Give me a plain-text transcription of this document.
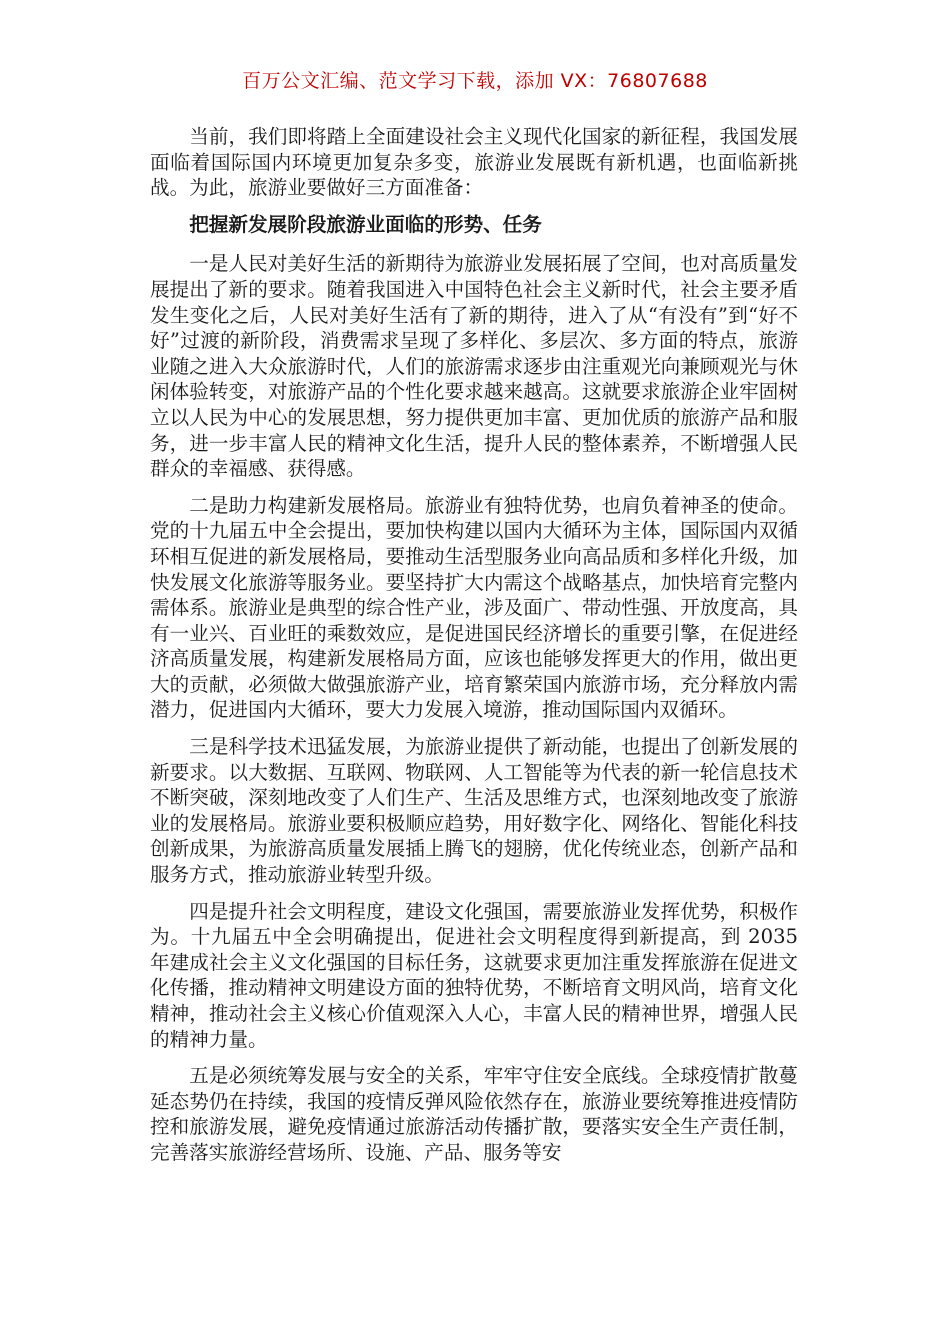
百万公文汇编、范文学习下载，添加 VX：76807688

当前，我们即将踏上全面建设社会主义现代化国家的新征程，我国发展面临着国际国内环境更加复杂多变，旅游业发展既有新机遇，也面临新挑战。为此，旅游业要做好三方面准备：

把握新发展阶段旅游业面临的形势、任务

一是人民对美好生活的新期待为旅游业发展拓展了空间，也对高质量发展提出了新的要求。随着我国进入中国特色社会主义新时代，社会主要矛盾发生变化之后，人民对美好生活有了新的期待，进入了从“有没有”到“好不好”过渡的新阶段，消费需求呈现了多样化、多层次、多方面的特点，旅游业随之进入大众旅游时代，人们的旅游需求逐步由注重观光向兼顾观光与休闲体验转变，对旅游产品的个性化要求越来越高。这就要求旅游企业牢固树立以人民为中心的发展思想，努力提供更加丰富、更加优质的旅游产品和服务，进一步丰富人民的精神文化生活，提升人民的整体素养，不断增强人民群众的幸福感、获得感。

二是助力构建新发展格局。旅游业有独特优势，也肩负着神圣的使命。党的十九届五中全会提出，要加快构建以国内大循环为主体，国际国内双循环相互促进的新发展格局，要推动生活型服务业向高品质和多样化升级，加快发展文化旅游等服务业。要坚持扩大内需这个战略基点，加快培育完整内需体系。旅游业是典型的综合性产业，涉及面广、带动性强、开放度高，具有一业兴、百业旺的乘数效应，是促进国民经济增长的重要引擎，在促进经济高质量发展，构建新发展格局方面，应该也能够发挥更大的作用，做出更大的贡献，必须做大做强旅游产业，培育繁荣国内旅游市场，充分释放内需潜力，促进国内大循环，要大力发展入境游，推动国际国内双循环。

三是科学技术迅猛发展，为旅游业提供了新动能，也提出了创新发展的新要求。以大数据、互联网、物联网、人工智能等为代表的新一轮信息技术不断突破，深刻地改变了人们生产、生活及思维方式，也深刻地改变了旅游业的发展格局。旅游业要积极顺应趋势，用好数字化、网络化、智能化科技创新成果，为旅游高质量发展插上腾飞的翅膀，优化传统业态，创新产品和服务方式，推动旅游业转型升级。

四是提升社会文明程度，建设文化强国，需要旅游业发挥优势，积极作为。十九届五中全会明确提出，促进社会文明程度得到新提高，到 2035 年建成社会主义文化强国的目标任务，这就要求更加注重发挥旅游在促进文化传播，推动精神文明建设方面的独特优势，不断培育文明风尚，培育文化精神，推动社会主义核心价值观深入人心，丰富人民的精神世界，增强人民的精神力量。

五是必须统筹发展与安全的关系，牢牢守住安全底线。全球疫情扩散蔓延态势仍在持续，我国的疫情反弹风险依然存在，旅游业要统筹推进疫情防控和旅游发展，避免疫情通过旅游活动传播扩散，要落实安全生产责任制，完善落实旅游经营场所、设施、产品、服务等安
